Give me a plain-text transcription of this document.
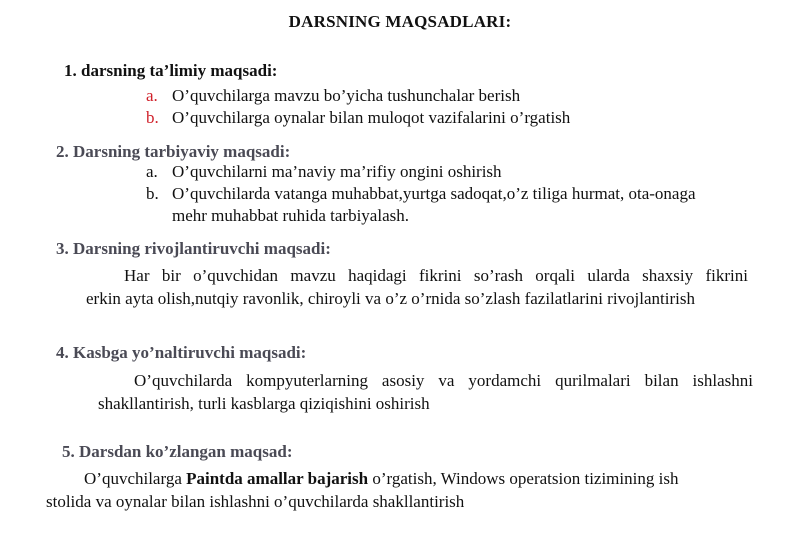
DARSNING MAQSADLARI:
1. darsning ta’limiy maqsadi:
a. O’quvchilarga mavzu bo’yicha tushunchalar berish
b. O’quvchilarga oynalar bilan muloqot vazifalarini o’rgatish
2. Darsning tarbiyaviy maqsadi:
a. O’quvchilarni ma’naviy ma’rifiy ongini oshirish
b. O’quvchilarda vatanga muhabbat,yurtga sadoqat,o’z tiliga hurmat, ota-onaga
mehr muhabbat ruhida tarbiyalash.
3. Darsning rivojlantiruvchi maqsadi:
Har bir o’quvchidan mavzu haqidagi fikrini so’rash orqali ularda shaxsiy fikrini
erkin ayta olish,nutqiy ravonlik, chiroyli va o’z o’rnida so’zlash fazilatlarini rivojlantirish
4. Kasbga yo’naltiruvchi maqsadi:
O’quvchilarda kompyuterlarning asosiy va yordamchi qurilmalari bilan ishlashni
shakllantirish, turli kasblarga qiziqishini oshirish
5. Darsdan ko’zlangan maqsad:
O’quvchilarga Paintda amallar bajarish o’rgatish, Windows operatsion tizimining ish
stolida va oynalar bilan ishlashni o’quvchilarda shakllantirish
